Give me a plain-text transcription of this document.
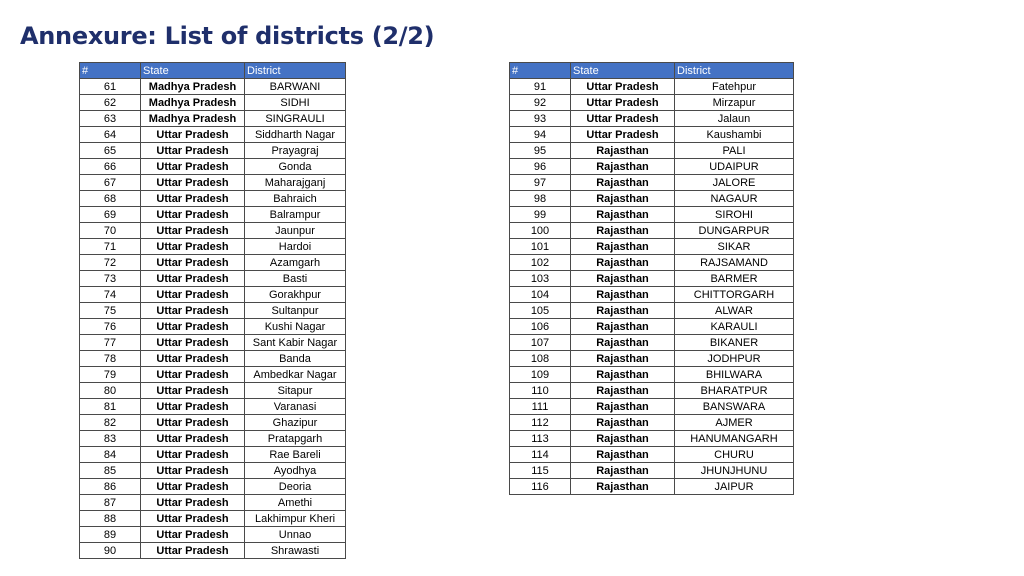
Annexure: List of districts (2/2)
#	State	District
61	Madhya Pradesh	BARWANI
62	Madhya Pradesh	SIDHI
63	Madhya Pradesh	SINGRAULI
64	Uttar Pradesh	Siddharth Nagar
65	Uttar Pradesh	Prayagraj
66	Uttar Pradesh	Gonda
67	Uttar Pradesh	Maharajganj
68	Uttar Pradesh	Bahraich
69	Uttar Pradesh	Balrampur
70	Uttar Pradesh	Jaunpur
71	Uttar Pradesh	Hardoi
72	Uttar Pradesh	Azamgarh
73	Uttar Pradesh	Basti
74	Uttar Pradesh	Gorakhpur
75	Uttar Pradesh	Sultanpur
76	Uttar Pradesh	Kushi Nagar
77	Uttar Pradesh	Sant Kabir Nagar
78	Uttar Pradesh	Banda
79	Uttar Pradesh	Ambedkar Nagar
80	Uttar Pradesh	Sitapur
81	Uttar Pradesh	Varanasi
82	Uttar Pradesh	Ghazipur
83	Uttar Pradesh	Pratapgarh
84	Uttar Pradesh	Rae Bareli
85	Uttar Pradesh	Ayodhya
86	Uttar Pradesh	Deoria
87	Uttar Pradesh	Amethi
88	Uttar Pradesh	Lakhimpur Kheri
89	Uttar Pradesh	Unnao
90	Uttar Pradesh	Shrawasti
#	State	District
91	Uttar Pradesh	Fatehpur
92	Uttar Pradesh	Mirzapur
93	Uttar Pradesh	Jalaun
94	Uttar Pradesh	Kaushambi
95	Rajasthan	PALI
96	Rajasthan	UDAIPUR
97	Rajasthan	JALORE
98	Rajasthan	NAGAUR
99	Rajasthan	SIROHI
100	Rajasthan	DUNGARPUR
101	Rajasthan	SIKAR
102	Rajasthan	RAJSAMAND
103	Rajasthan	BARMER
104	Rajasthan	CHITTORGARH
105	Rajasthan	ALWAR
106	Rajasthan	KARAULI
107	Rajasthan	BIKANER
108	Rajasthan	JODHPUR
109	Rajasthan	BHILWARA
110	Rajasthan	BHARATPUR
111	Rajasthan	BANSWARA
112	Rajasthan	AJMER
113	Rajasthan	HANUMANGARH
114	Rajasthan	CHURU
115	Rajasthan	JHUNJHUNU
116	Rajasthan	JAIPUR
